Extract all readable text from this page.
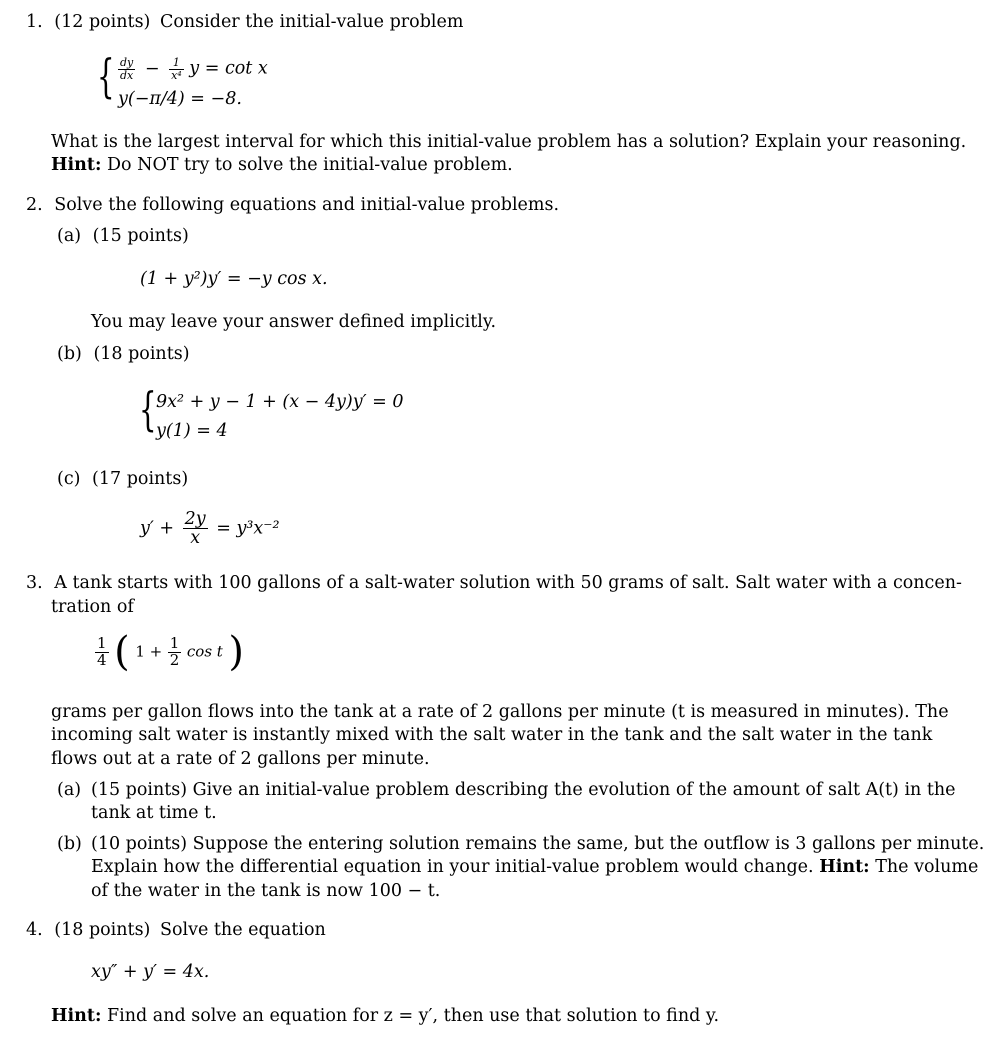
1. (12 points) Consider the initial-value problem
{ $\frac{dy}{dx} - \frac{1}{\text{x⁴}}$ y = cot x
y(−π/4) = −8.
What is the largest interval for which this initial-value problem has a solution? Explain your reasoning.
Hint: Do NOT try to solve the initial-value problem.
2. Solve the following equations and initial-value problems.
(a) (15 points)
(1 + y²)y′ = −y cos x.
You may leave your answer defined implicitly.
(b) (18 points)
{ 9x² + y − 1 + (x − 4y)y′ = 0
y(1) = 4
(c) (17 points)
$y' + \frac{2y}{x} = y^3x^{-2}$
3. A tank starts with 100 gallons of a salt-water solution with 50 grams of salt. Salt water with a concen-
tration of
$\frac{1}{4}$ ( $1 + \frac{1}{2}$ cos t )
grams per gallon flows into the tank at a rate of 2 gallons per minute (t is measured in minutes). The
incoming salt water is instantly mixed with the salt water in the tank and the salt water in the tank
flows out at a rate of 2 gallons per minute.
(a) (15 points) Give an initial-value problem describing the evolution of the amount of salt A(t) in the
tank at time t.
(b) (10 points) Suppose the entering solution remains the same, but the outflow is 3 gallons per minute.
Explain how the differential equation in your initial-value problem would change. Hint: The volume
of the water in the tank is now 100 − t.
4. (18 points) Solve the equation
xy″ + y′ = 4x.
Hint: Find and solve an equation for z = y′, then use that solution to find y.
